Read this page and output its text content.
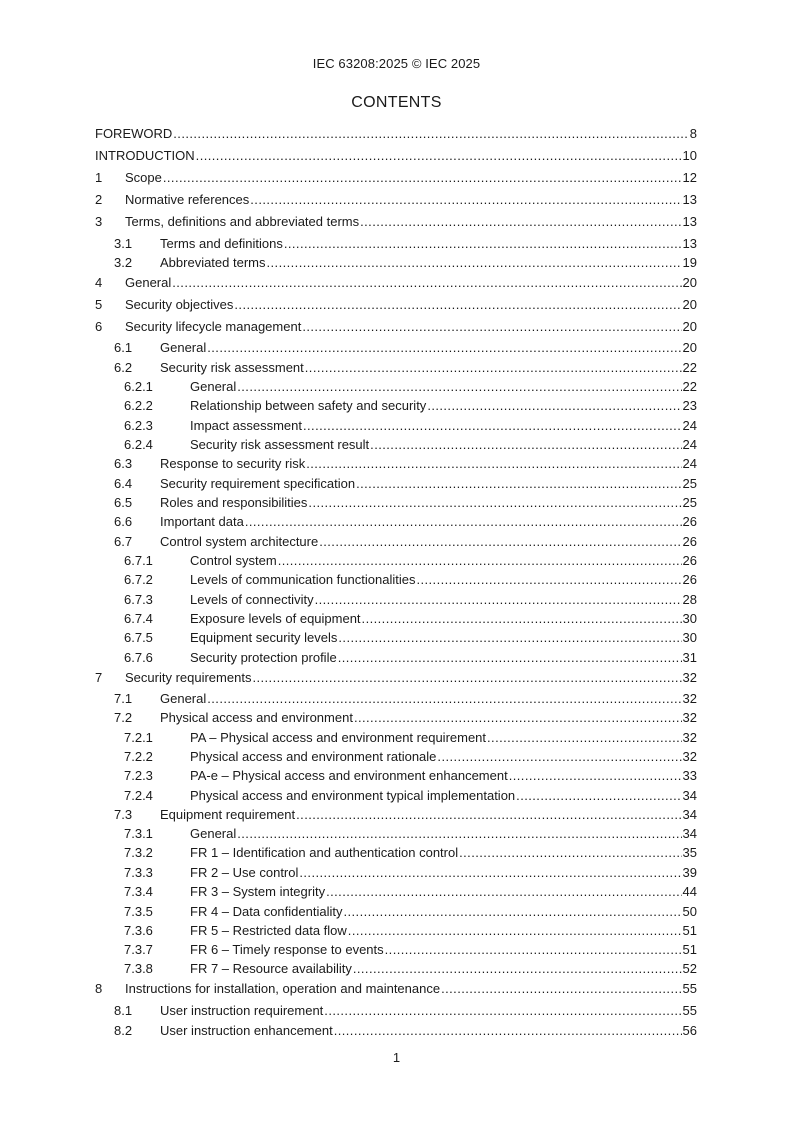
IEC 63208:2025 © IEC 2025
CONTENTS
FOREWORD . . .	8
INTRODUCTION . . .	10
1	Scope . . .	12
2	Normative references . . .	13
3	Terms, definitions and abbreviated terms . . .	13
3.1	Terms and definitions . . .	13
3.2	Abbreviated terms . . .	19
4	General . . .	20
5	Security objectives . . .	20
6	Security lifecycle management . . .	20
6.1	General . . .	20
6.2	Security risk assessment . . .	22
6.2.1	General . . .	22
6.2.2	Relationship between safety and security . . .	23
6.2.3	Impact assessment . . .	24
6.2.4	Security risk assessment result . . .	24
6.3	Response to security risk . . .	24
6.4	Security requirement specification . . .	25
6.5	Roles and responsibilities . . .	25
6.6	Important data . . .	26
6.7	Control system architecture . . .	26
6.7.1	Control system . . .	26
6.7.2	Levels of communication functionalities . . .	26
6.7.3	Levels of connectivity . . .	28
6.7.4	Exposure levels of equipment . . .	30
6.7.5	Equipment security levels . . .	30
6.7.6	Security protection profile . . .	31
7	Security requirements . . .	32
7.1	General . . .	32
7.2	Physical access and environment . . .	32
7.2.1	PA – Physical access and environment requirement . . .	32
7.2.2	Physical access and environment rationale . . .	32
7.2.3	PA-e – Physical access and environment enhancement . . .	33
7.2.4	Physical access and environment typical implementation . . .	34
7.3	Equipment requirement . . .	34
7.3.1	General . . .	34
7.3.2	FR 1 – Identification and authentication control . . .	35
7.3.3	FR 2 – Use control . . .	39
7.3.4	FR 3 – System integrity . . .	44
7.3.5	FR 4 – Data confidentiality . . .	50
7.3.6	FR 5 – Restricted data flow . . .	51
7.3.7	FR 6 – Timely response to events . . .	51
7.3.8	FR 7 – Resource availability . . .	52
8	Instructions for installation, operation and maintenance . . .	55
8.1	User instruction requirement . . .	55
8.2	User instruction enhancement . . .	56
1
